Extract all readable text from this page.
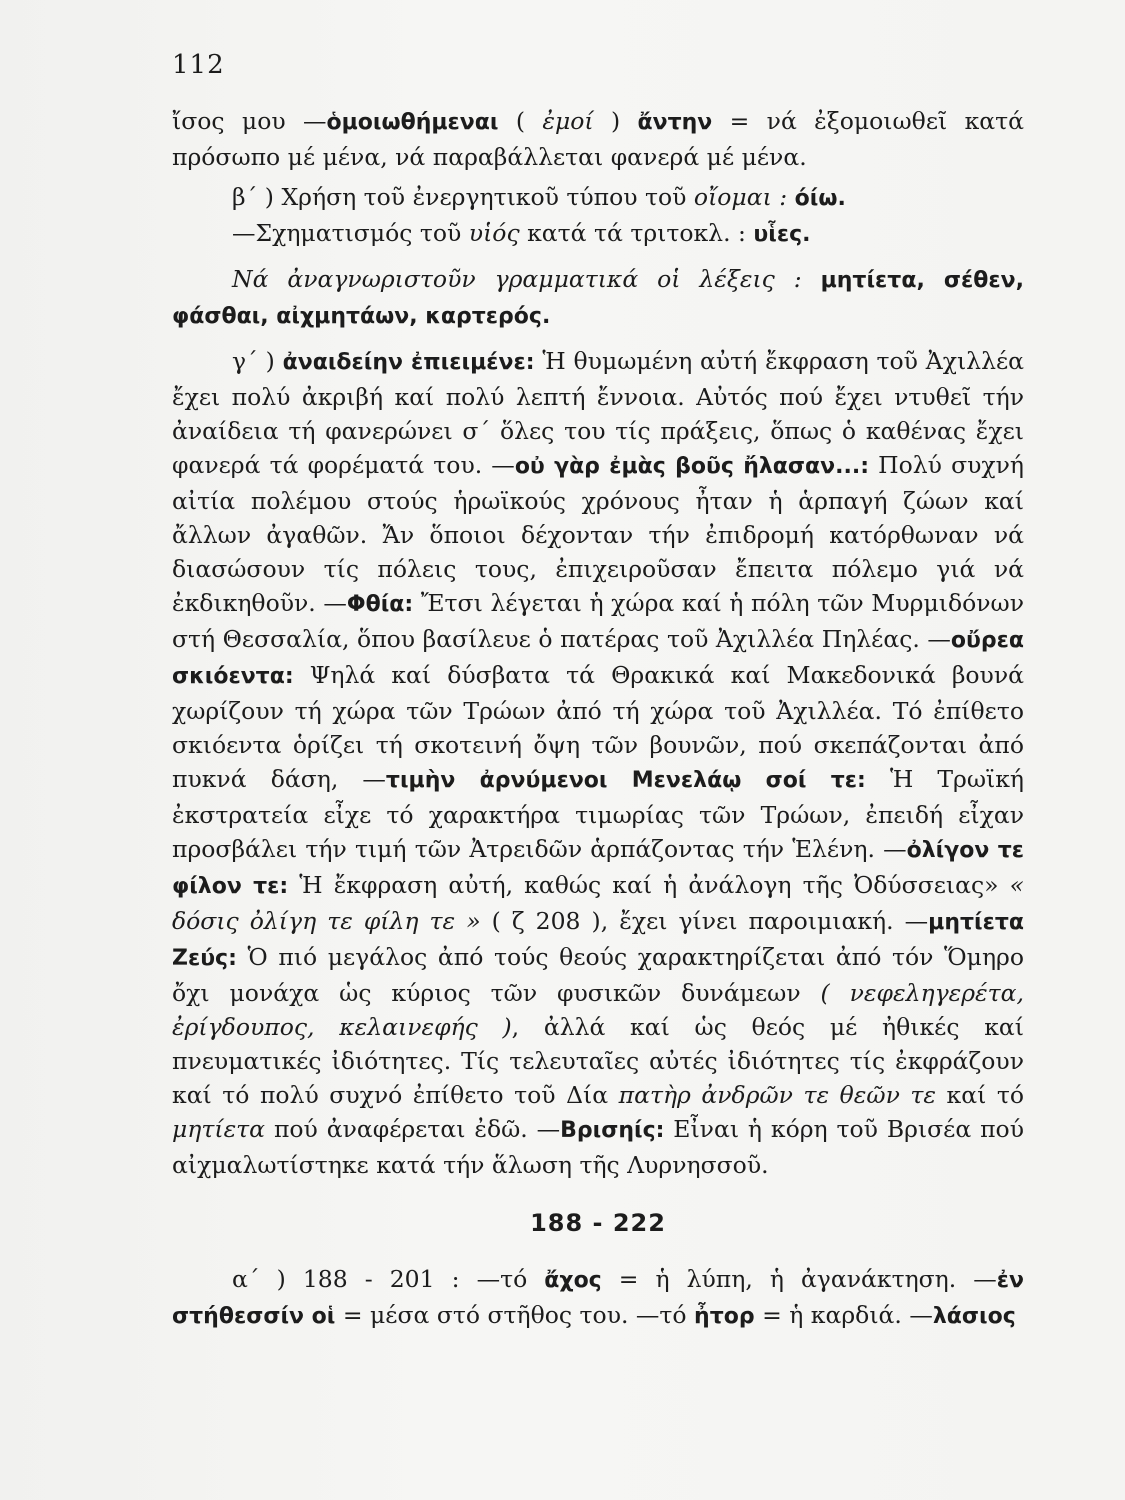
112

ἴσος μου —ὁμοιωθήμεναι ( ἐμοί ) ἄντην = νά ἐξομοιωθεῖ κατά πρόσωπο μέ μένα, νά παραβάλλεται φανερά μέ μένα.

β΄ ) Χρήση τοῦ ἐνεργητικοῦ τύπου τοῦ οἴομαι : όίω.

—Σχηματισμός τοῦ υἱός κατά τά τριτοκλ. : υἷες.

Νά ἀναγνωριστοῦν γραμματικά οἱ λέξεις : μητίετα, σέθεν, φάσθαι, αἰχμητάων, καρτερός.

γ΄ ) ἀναιδείην ἐπιειμένε: Ἡ θυμωμένη αὐτή ἔκφραση τοῦ Ἀχιλλέα ἔχει πολύ ἀκριβή καί πολύ λεπτή ἔννοια. Αὐτός πού ἔχει ντυθεῖ τήν ἀναίδεια τή φανερώνει σ΄ ὅλες του τίς πράξεις, ὅπως ὁ καθένας ἔχει φανερά τά φορέματά του. —οὐ γὰρ ἐμὰς βοῦς ἤλασαν...: Πολύ συχνή αἰτία πολέμου στούς ἡρωϊκούς χρόνους ἦταν ἡ ἁρπαγή ζώων καί ἄλλων ἀγαθῶν. Ἄν ὅποιοι δέχονταν τήν ἐπιδρομή κατόρθωναν νά διασώσουν τίς πόλεις τους, ἐπιχειροῦσαν ἔπειτα πόλεμο γιά νά ἐκδικηθοῦν. —Φθία: Ἔτσι λέγεται ἡ χώρα καί ἡ πόλη τῶν Μυρμιδόνων στή Θεσσαλία, ὅπου βασίλευε ὁ πατέρας τοῦ Ἀχιλλέα Πηλέας. —οὔρεα σκιόεντα: Ψηλά καί δύσβατα τά Θρακικά καί Μακεδονικά βουνά χωρίζουν τή χώρα τῶν Τρώων ἀπό τή χώρα τοῦ Ἀχιλλέα. Τό ἐπίθετο σκιόεντα ὁρίζει τή σκοτεινή ὄψη τῶν βουνῶν, πού σκεπάζονται ἀπό πυκνά δάση, —τιμὴν ἀρνύμενοι Μενελάῳ σοί τε: Ἡ Τρωϊκή ἐκστρατεία εἶχε τό χαρακτήρα τιμωρίας τῶν Τρώων, ἐπειδή εἶχαν προσβάλει τήν τιμή τῶν Ἀτρειδῶν ἁρπάζοντας τήν Ἑλένη. —ὀλίγον τε φίλον τε: Ἡ ἔκφραση αὐτή, καθώς καί ἡ ἀνάλογη τῆς Ὀδύσσειας» « δόσις ὀλίγη τε φίλη τε » ( ζ 208 ), ἔχει γίνει παροιμιακή. —μητίετα Ζεύς: Ὁ πιό μεγάλος ἀπό τούς θεούς χαρακτηρίζεται ἀπό τόν Ὅμηρο ὄχι μονάχα ὡς κύριος τῶν φυσικῶν δυνάμεων ( νεφεληγερέτα, ἐρίγδουπος, κελαινεφής ), ἀλλά καί ὡς θεός μέ ἠθικές καί πνευματικές ἰδιότητες. Τίς τελευταῖες αὐτές ἰδιότητες τίς ἐκφράζουν καί τό πολύ συχνό ἐπίθετο τοῦ Δία πατὴρ ἀνδρῶν τε θεῶν τε καί τό μητίετα πού ἀναφέρεται ἐδῶ. —Βρισηίς: Εἶναι ἡ κόρη τοῦ Βρισέα πού αἰχμαλωτίστηκε κατά τήν ἅλωση τῆς Λυρνησσοῦ.

188 - 222

α΄ ) 188 - 201 : —τό ἄχος = ἡ λύπη, ἡ ἀγανάκτηση. —ἐν στήθεσσίν οἱ = μέσα στό στῆθος του. —τό ἦτορ = ἡ καρδιά. —λάσιος
